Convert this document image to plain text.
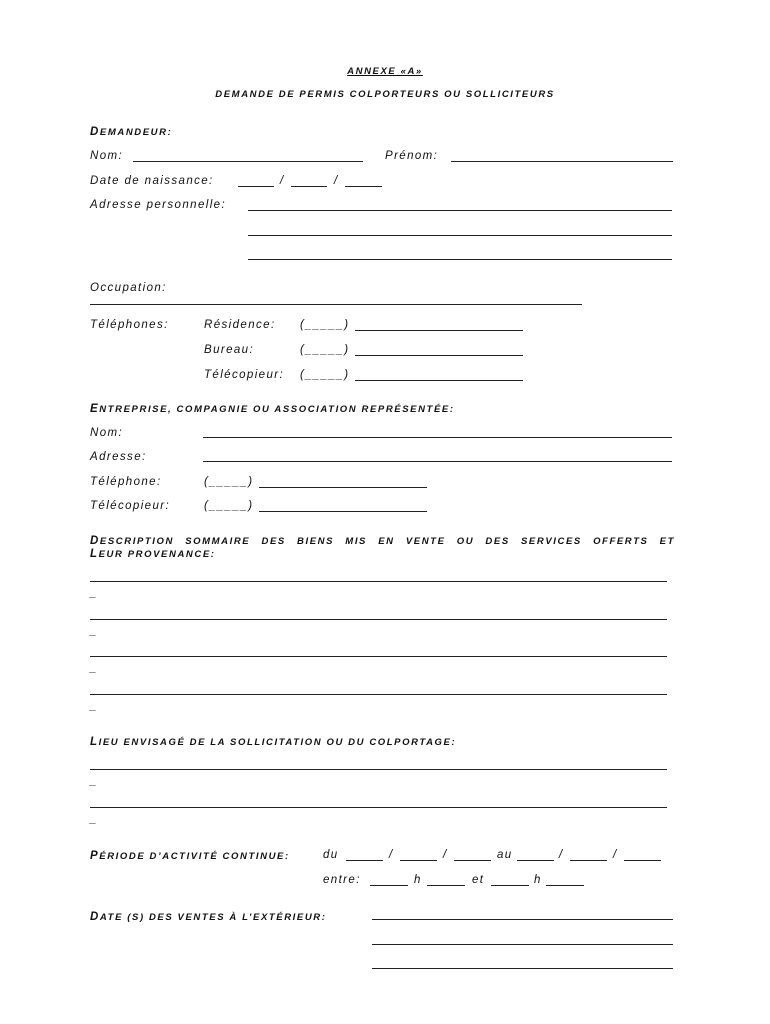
ANNEXE «A»
DEMANDE DE PERMIS COLPORTEURS OU SOLLICITEURS
DEMANDEUR:
Nom:	Prénom:
Date de naissance:	/	/
Adresse personnelle:
Occupation:
Téléphones:	Résidence: (_____)
Bureau:	(_____)
Télécopieur: (_____)
ENTREPRISE, COMPAGNIE OU ASSOCIATION REPRÉSENTÉE:
Nom:
Adresse:
Téléphone:	(_____)
Télécopieur:	(_____)
DESCRIPTION SOMMAIRE DES BIENS MIS EN VENTE OU DES SERVICES OFFERTS ET
LEUR PROVENANCE:
_
_
_
_
LIEU ENVISAGÉ DE LA SOLLICITATION OU DU COLPORTAGE:
_
_
PÉRIODE D’ACTIVITÉ CONTINUE:	du	/	/	au	/	/
entre:	h	et	h
DATE (S) DES VENTES À L’EXTÉRIEUR:
